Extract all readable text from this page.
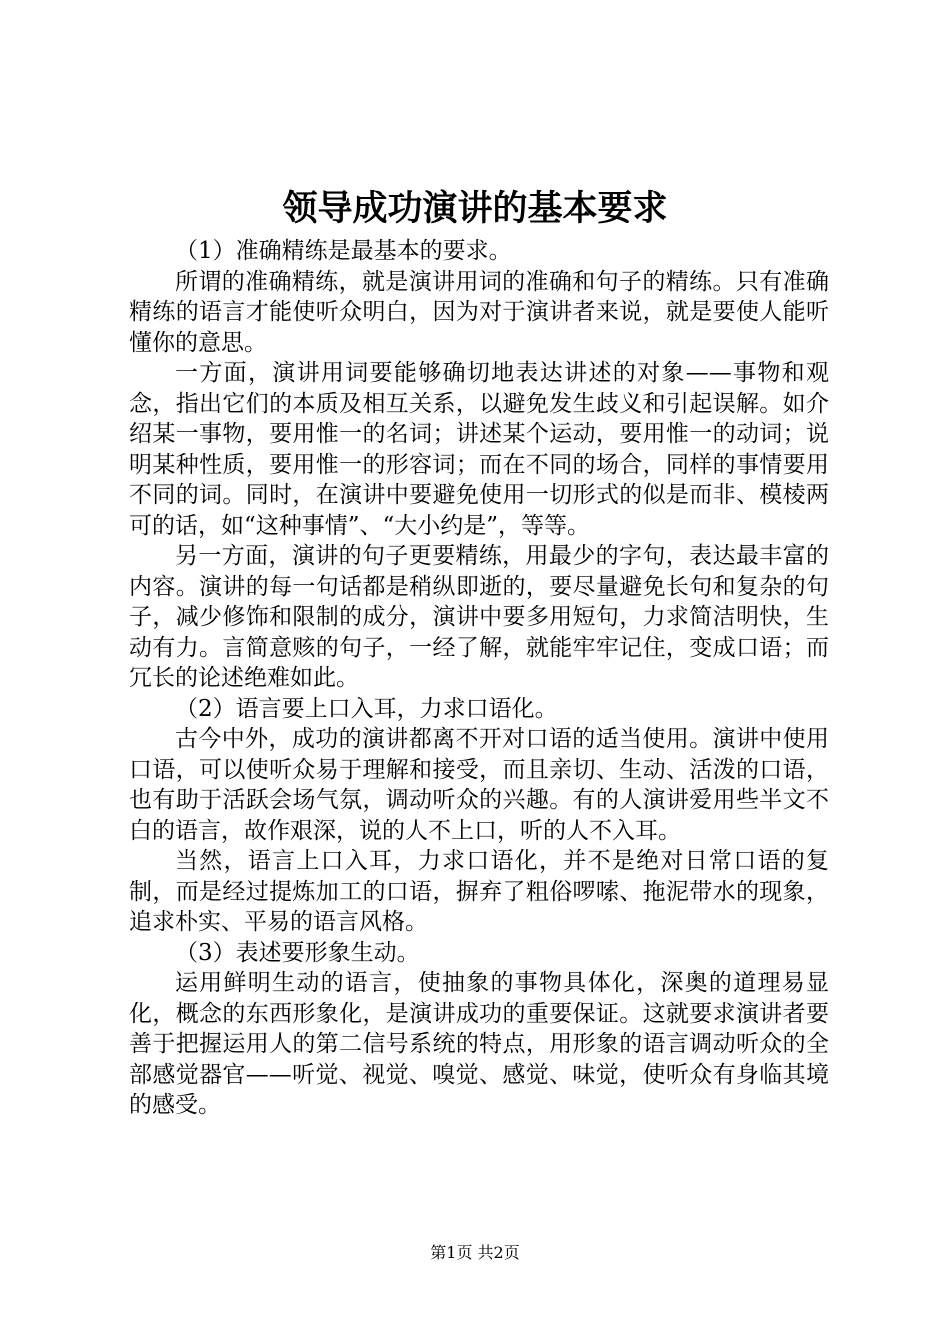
领导成功演讲的基本要求

（1）准确精练是最基本的要求。

所谓的准确精练，就是演讲用词的准确和句子的精练。只有准确精练的语言才能使听众明白，因为对于演讲者来说，就是要使人能听懂你的意思。

一方面，演讲用词要能够确切地表达讲述的对象——事物和观念，指出它们的本质及相互关系，以避免发生歧义和引起误解。如介绍某一事物，要用惟一的名词；讲述某个运动，要用惟一的动词；说明某种性质，要用惟一的形容词；而在不同的场合，同样的事情要用不同的词。同时，在演讲中要避免使用一切形式的似是而非、模棱两可的话，如“这种事情”、“大小约是”，等等。

另一方面，演讲的句子更要精练，用最少的字句，表达最丰富的内容。演讲的每一句话都是稍纵即逝的，要尽量避免长句和复杂的句子，减少修饰和限制的成分，演讲中要多用短句，力求简洁明快，生动有力。言简意赅的句子，一经了解，就能牢牢记住，变成口语；而冗长的论述绝难如此。

（2）语言要上口入耳，力求口语化。

古今中外，成功的演讲都离不开对口语的适当使用。演讲中使用口语，可以使听众易于理解和接受，而且亲切、生动、活泼的口语，也有助于活跃会场气氛，调动听众的兴趣。有的人演讲爱用些半文不白的语言，故作艰深，说的人不上口，听的人不入耳。

当然，语言上口入耳，力求口语化，并不是绝对日常口语的复制，而是经过提炼加工的口语，摒弃了粗俗啰嗦、拖泥带水的现象，追求朴实、平易的语言风格。

（3）表述要形象生动。

运用鲜明生动的语言，使抽象的事物具体化，深奥的道理易显化，概念的东西形象化，是演讲成功的重要保证。这就要求演讲者要善于把握运用人的第二信号系统的特点，用形象的语言调动听众的全部感觉器官——听觉、视觉、嗅觉、感觉、味觉，使听众有身临其境的感受。

第1页 共2页
